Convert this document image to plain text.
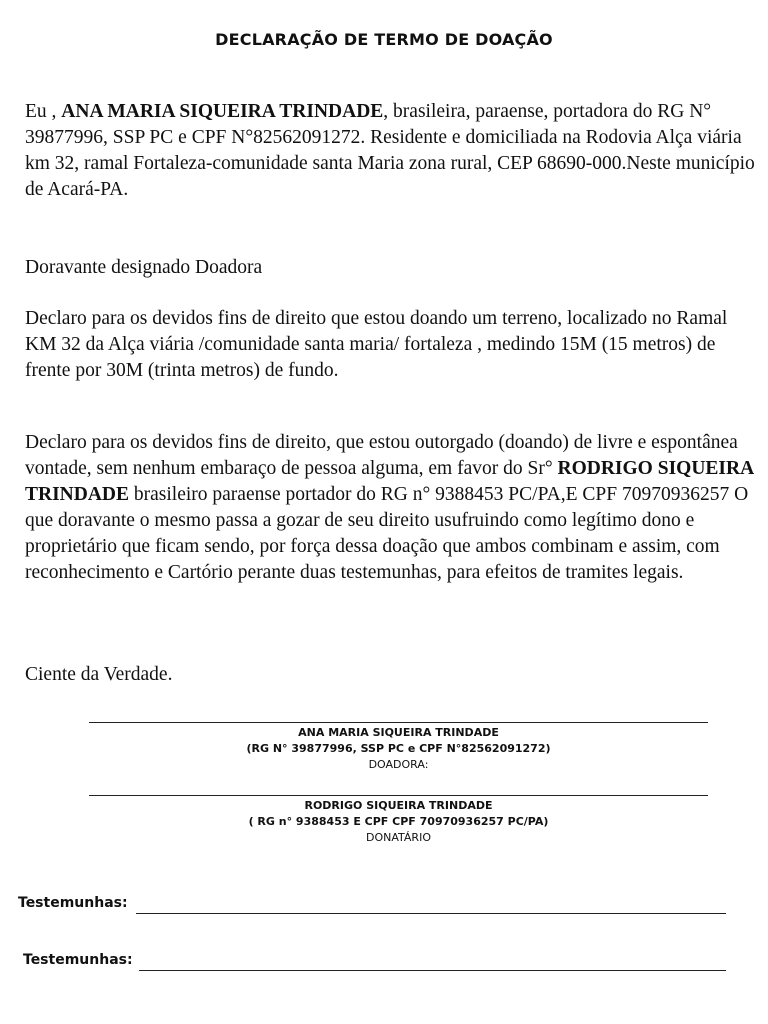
DECLARAÇÃO DE TERMO DE DOAÇÃO

Eu , ANA MARIA SIQUEIRA TRINDADE, brasileira, paraense, portadora do RG N° 39877996, SSP PC e CPF N°82562091272. Residente e domiciliada na Rodovia Alça viária km 32, ramal Fortaleza-comunidade santa Maria zona rural, CEP 68690-000.Neste município de Acará-PA.

Doravante designado Doadora

Declaro para os devidos fins de direito que estou doando um terreno, localizado no Ramal KM 32 da Alça viária /comunidade santa maria/ fortaleza , medindo 15M (15 metros) de frente por 30M (trinta metros) de fundo.

Declaro para os devidos fins de direito, que estou outorgado (doando) de livre e espontânea vontade, sem nenhum embaraço de pessoa alguma, em favor do Sr° RODRIGO SIQUEIRA TRINDADE brasileiro paraense portador do RG n° 9388453 PC/PA,E CPF 70970936257 O que doravante o mesmo passa a gozar de seu direito usufruindo como legítimo dono e proprietário que ficam sendo, por força dessa doação que ambos combinam e assim, com reconhecimento e Cartório perante duas testemunhas, para efeitos de tramites legais.

Ciente da Verdade.

ANA MARIA SIQUEIRA TRINDADE
(RG N° 39877996, SSP PC e CPF N°82562091272)
DOADORA:
RODRIGO SIQUEIRA TRINDADE
( RG n° 9388453 E CPF CPF 70970936257 PC/PA)
DONATÁRIO
Testemunhas:
Testemunhas:
